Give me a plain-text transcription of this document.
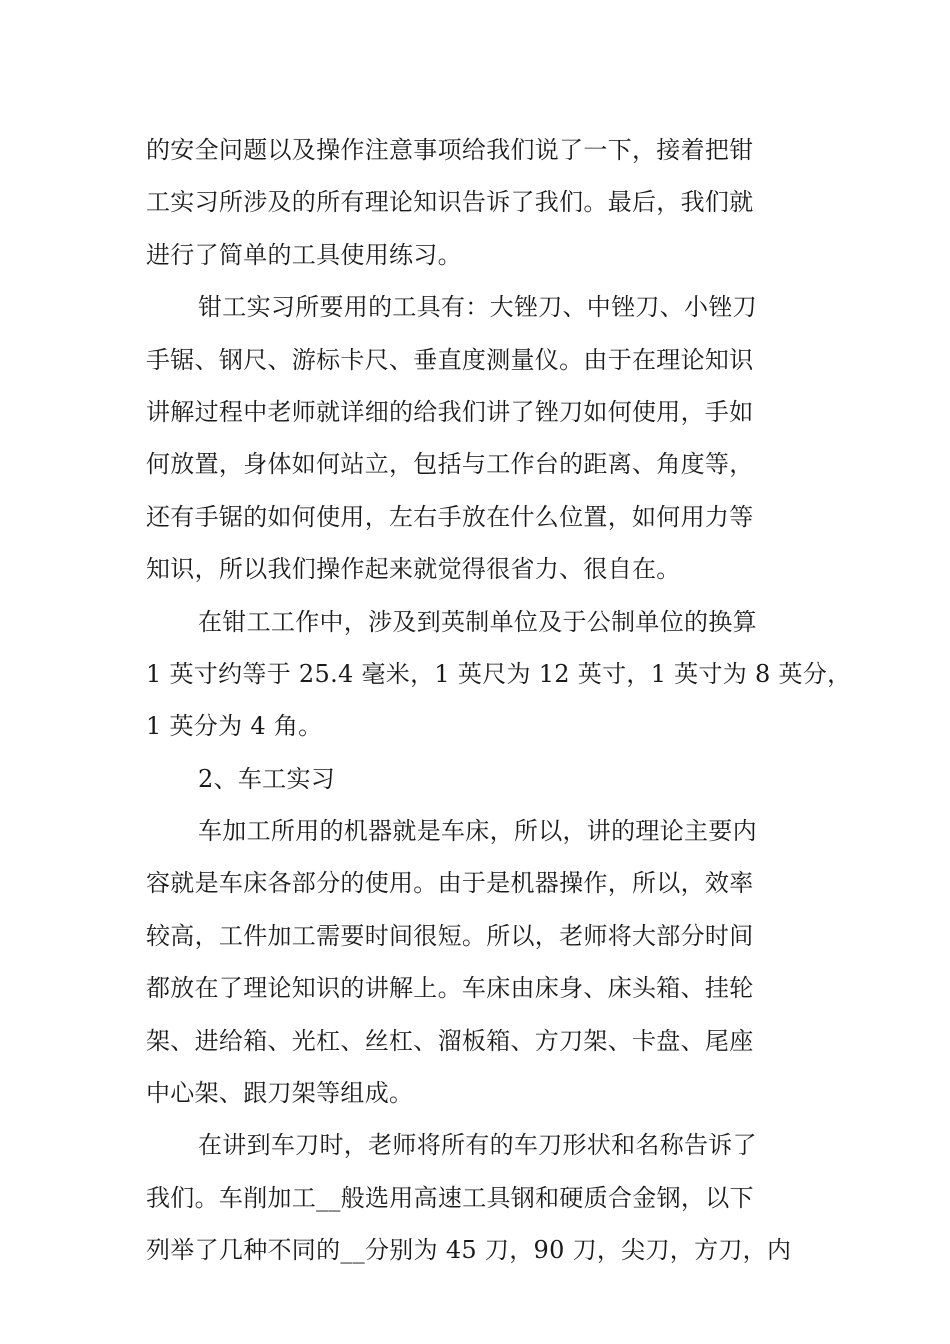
的安全问题以及操作注意事项给我们说了一下，接着把钳
工实习所涉及的所有理论知识告诉了我们。最后，我们就
进行了简单的工具使用练习。
钳工实习所要用的工具有：大锉刀、中锉刀、小锉刀
手锯、钢尺、游标卡尺、垂直度测量仪。由于在理论知识
讲解过程中老师就详细的给我们讲了锉刀如何使用，手如
何放置，身体如何站立，包括与工作台的距离、角度等，
还有手锯的如何使用，左右手放在什么位置，如何用力等
知识，所以我们操作起来就觉得很省力、很自在。
在钳工工作中，涉及到英制单位及于公制单位的换算
1 英寸约等于 25.4 毫米，1 英尺为 12 英寸，1 英寸为 8 英分，
1 英分为 4 角。
2、车工实习
车加工所用的机器就是车床，所以，讲的理论主要内
容就是车床各部分的使用。由于是机器操作，所以，效率
较高，工件加工需要时间很短。所以，老师将大部分时间
都放在了理论知识的讲解上。车床由床身、床头箱、挂轮
架、进给箱、光杠、丝杠、溜板箱、方刀架、卡盘、尾座
中心架、跟刀架等组成。
在讲到车刀时，老师将所有的车刀形状和名称告诉了
我们。车削加工__般选用高速工具钢和硬质合金钢，以下
列举了几种不同的__分别为 45 刀，90 刀，尖刀，方刀，内
